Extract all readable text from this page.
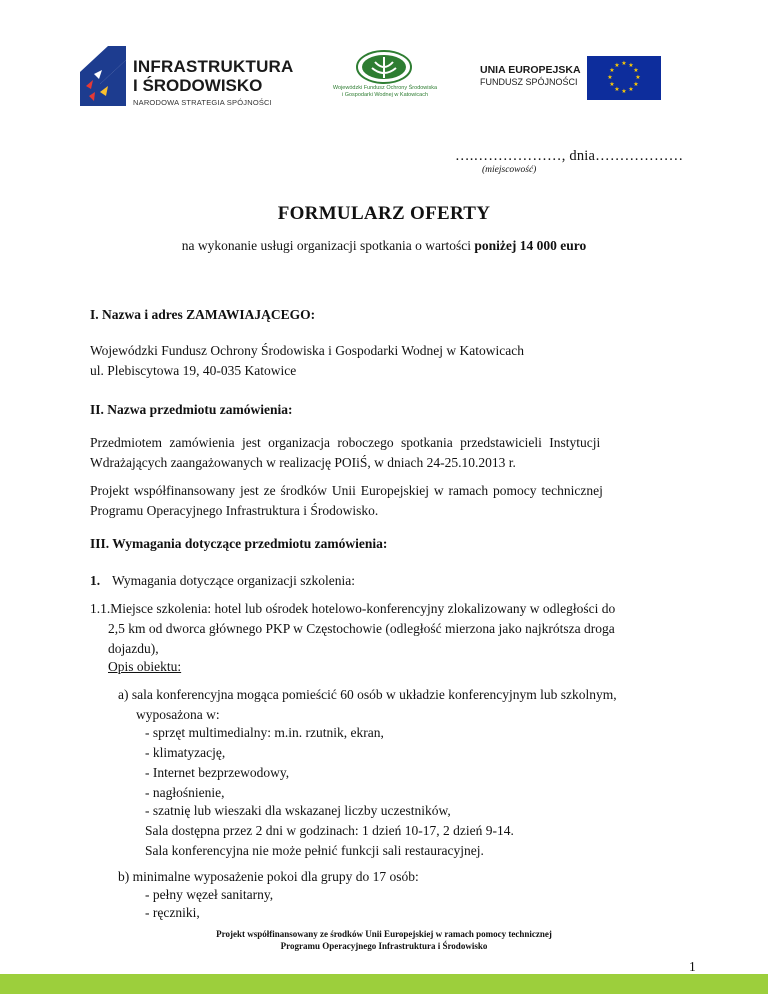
INFRASTRUKTURA
I ŚRODOWISKO
NARODOWA STRATEGIA SPÓJNOŚCI
Wojewódzki Fundusz Ochrony Środowiska
i Gospodarki Wodnej w Katowicach
UNIA EUROPEJSKA
FUNDUSZ SPÓJNOŚCI
★ ★
★
★
★
★
★
★
★
★
★
★
….………………, dnia………………
(miejscowość)
FORMULARZ OFERTY
na wykonanie usługi organizacji spotkania o wartości poniżej 14 000 euro
I. Nazwa i adres ZAMAWIAJĄCEGO:
Wojewódzki Fundusz Ochrony Środowiska i Gospodarki Wodnej w Katowicach
ul. Plebiscytowa 19, 40-035 Katowice
II. Nazwa przedmiotu zamówienia:
Przedmiotem zamówienia jest organizacja roboczego spotkania przedstawicieli Instytucji
Wdrażających zaangażowanych w realizację POIiŚ, w dniach 24-25.10.2013 r.
Projekt współfinansowany jest ze środków Unii Europejskiej w ramach pomocy technicznej
Programu Operacyjnego Infrastruktura i Środowisko.
III. Wymagania dotyczące przedmiotu zamówienia:
1. Wymagania dotyczące organizacji szkolenia:
1.1.Miejsce szkolenia: hotel lub ośrodek hotelowo-konferencyjny zlokalizowany w odległości do
2,5 km od dworca głównego PKP w Częstochowie (odległość mierzona jako najkrótsza droga
dojazdu),
Opis obiektu:
a) sala konferencyjna mogąca pomieścić 60 osób w układzie konferencyjnym lub szkolnym,
wyposażona w:
- sprzęt multimedialny: m.in. rzutnik, ekran,
- klimatyzację,
- Internet bezprzewodowy,
- nagłośnienie,
- szatnię lub wieszaki dla wskazanej liczby uczestników,
Sala dostępna przez 2 dni w godzinach: 1 dzień 10-17, 2 dzień 9-14.
Sala konferencyjna nie może pełnić funkcji sali restauracyjnej.
b) minimalne wyposażenie pokoi dla grupy do 17 osób:
- pełny węzeł sanitarny,
- ręczniki,
Projekt współfinansowany ze środków Unii Europejskiej w ramach pomocy technicznej
Programu Operacyjnego Infrastruktura i Środowisko
1
